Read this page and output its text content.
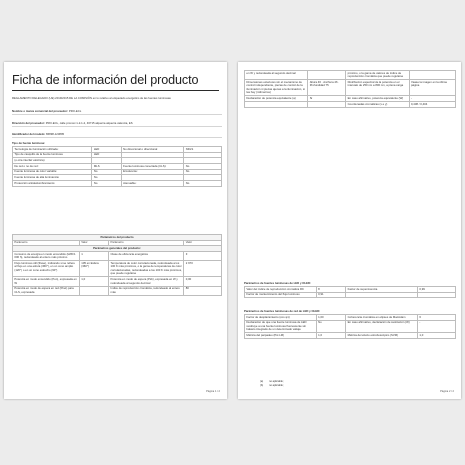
Ficha de información del producto
REGLAMENTO DELEGADO (UE) 2019/2015 DE LA COMISIÓN en lo relativo al etiquetado energético de las fuentes luminosas
Nombre o marca comercial del proveedor: PRO-ECL
Dirección del proveedor: PRO-ECL, calle pronovi 1-2-1-2, 46715 alquería alquería valencia, ES
Identificador del modelo: 86898-123895
Tipo de fuente luminosa:
Tecnología de iluminación utilizada:	LED	No direccional o direccional	NDLS
Tipo de casquillo de la fuente luminosa	LED		
(o otra interfaz eléctrica)			
De red o no de red:	MLS	Fuente luminosa conectada (CLS):	No
Fuente luminosa de color variable:	No	Envolvente:	No
Fuente luminosa de alta luminancia:	No		
Protección antideslumbramiento:	No	Atenuable:	No
Parámetros del producto			
Parámetro	Valor	Parámetro	Valor
Parámetros generales del producto:			
Consumo de energía en modo encendido (kWh/1 000 h), redondeado al entero más próximo	1	Clase de eficiencia energética	F
Flujo luminoso útil (Φuse), indicando si se refiere al flujo en una esfera (360°), en un cono amplio (120°) o en un cono estrecho (90°)	105 en Esfera (360°)	Temperatura de color correlacionada, redondeada a los 100 K más próximos, o la gama de temperaturas de color correlacionadas, redondeadas a los 100 K más próximos, que puede regularse	2 970
Potencia en modo encendido (Pon), expresada en W	1,0	Potencia en modo de espera (Psb), expresada en W y redondeada al segundo decimal	0,00
Potencia en modo de espera en red (Pnet) para CLS, expresada		Índice de reproducción cromática, redondeado al entero más	80
Página 1 / 2
en W y redondeada al segundo decimal		próximo, o la gama de valores de índice de reproducción cromática que puede regularse	
Dimensiones exteriores sin el mecanismo de control independiente, piezas de control de la iluminación ni piezas ajenas a la iluminación, si las hay (milímetros)	Altura 46 · Anchura 46 · Profundidad 75	Distribución espectral de la potencia en el intervalo de 250 nm a 800 nm, a plena carga	Véase la imagen en la última página
Declaración de potencia equivalente (a)	Sí	En caso afirmativo, potencia equivalente (W)	-
		Coordenadas cromáticas (x e y)	0,438 / 0,404
Parámetros de fuentes luminosas de LED y OLED:
Valor del índice de reproducción cromática R9	8	Factor de supervivencia	0,99
Factor de mantenimiento del flujo luminoso	0,91		
Parámetros de fuentes luminosas de red de LED y OLED:
Factor de desplazamiento (cos φ1)	1,00	Coherencia cromática en elipses de MacAdam	6
Declaración de que una fuente luminosa de LED sustituye a una fuente luminosa fluorescente sin balasto integrado de un determinado vatiaje	No	En caso afirmativo, declaración de sustitución (W)	-
Métrica del parpadeo (Pst LM)	1,0	Métrica del efecto estroboscópico (SVM)	1,0
(a) no aplicable;
(b) no aplicable;
Página 2 / 2
